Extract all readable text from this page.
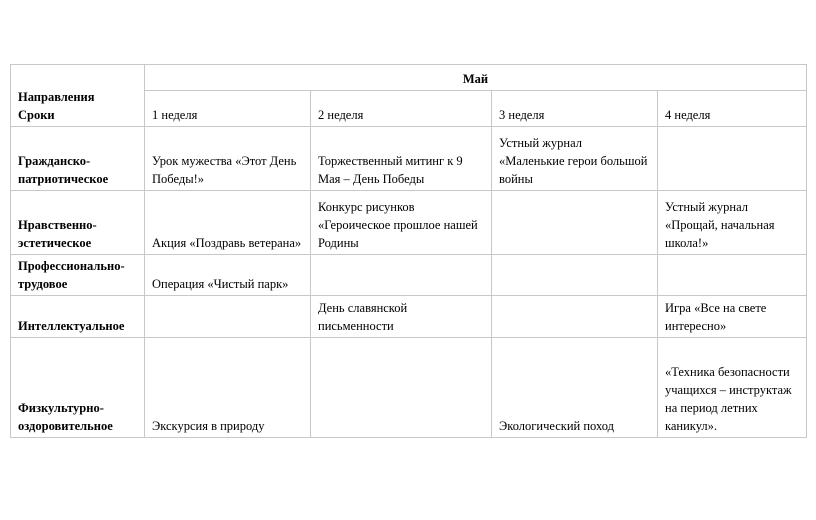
Направления
Сроки	Май			
	1 неделя	2 неделя	3 неделя	4 неделя
Гражданско-патриотическое	Урок мужества «Этот День Победы!»	Торжественный митинг к 9 Мая – День Победы	Устный журнал «Маленькие герои большой войны	
Нравственно-эстетическое	Акция «Поздравь ветерана»	Конкурс рисунков «Героическое прошлое нашей Родины		Устный журнал «Прощай, начальная школа!»
Профессионально-трудовое	Операция «Чистый парк»			
Интеллектуальное		День славянской письменности		Игра «Все на свете интересно»
Физкультурно-оздоровительное	Экскурсия в природу		Экологический поход	«Техника безопасности учащихся – инструктаж на период летних каникул».
